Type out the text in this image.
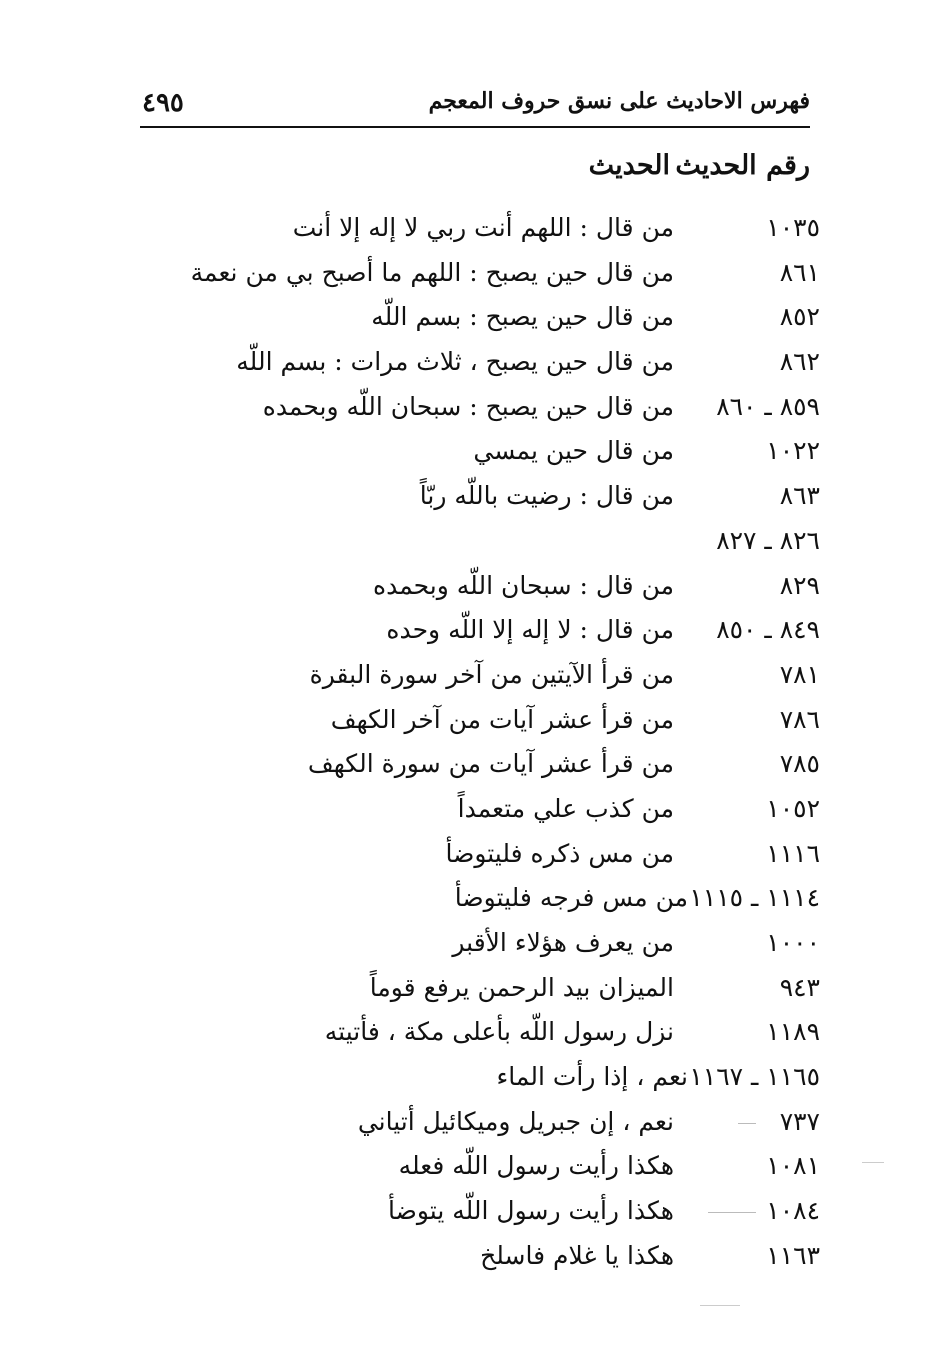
فهرس الاحاديث على نسق حروف المعجم
٤٩٥
رقم الحديث
الحديث
١٠٣٥
من قال : اللهم أنت ربي لا إله إلا أنت
٨٦١
من قال حين يصبح : اللهم ما أصبح بي من نعمة
٨٥٢
من قال حين يصبح : بسم اللّه
٨٦٢
من قال حين يصبح ، ثلاث مرات : بسم اللّه
٨٥٩ ـ ٨٦٠
من قال حين يصبح : سبحان اللّه وبحمده
١٠٢٢
من قال حين يمسي
٨٦٣
من قال : رضيت باللّه ربّاً
٨٢٦ ـ ٨٢٧
٨٢٩
من قال : سبحان اللّه وبحمده
٨٤٩ ـ ٨٥٠
من قال : لا إله إلا اللّه وحده
٧٨١
من قرأ الآيتين من آخر سورة البقرة
٧٨٦
من قرأ عشر آيات من آخر الكهف
٧٨٥
من قرأ عشر آيات من سورة الكهف
١٠٥٢
من كذب علي متعمداً
١١١٦
من مس ذكره فليتوضأ
١١١٤ ـ ١١١٥
من مس فرجه فليتوضأ
١٠٠٠
من يعرف هؤلاء الأقبر
٩٤٣
الميزان بيد الرحمن يرفع قوماً
١١٨٩
نزل رسول اللّه بأعلى مكة ، فأتيته
١١٦٥ ـ ١١٦٧
نعم ، إذا رأت الماء
٧٣٧
نعم ، إن جبريل وميكائيل أتياني
١٠٨١
هكذا رأيت رسول اللّه فعله
١٠٨٤
هكذا رأيت رسول اللّه يتوضأ
١١٦٣
هكذا يا غلام فاسلخ
